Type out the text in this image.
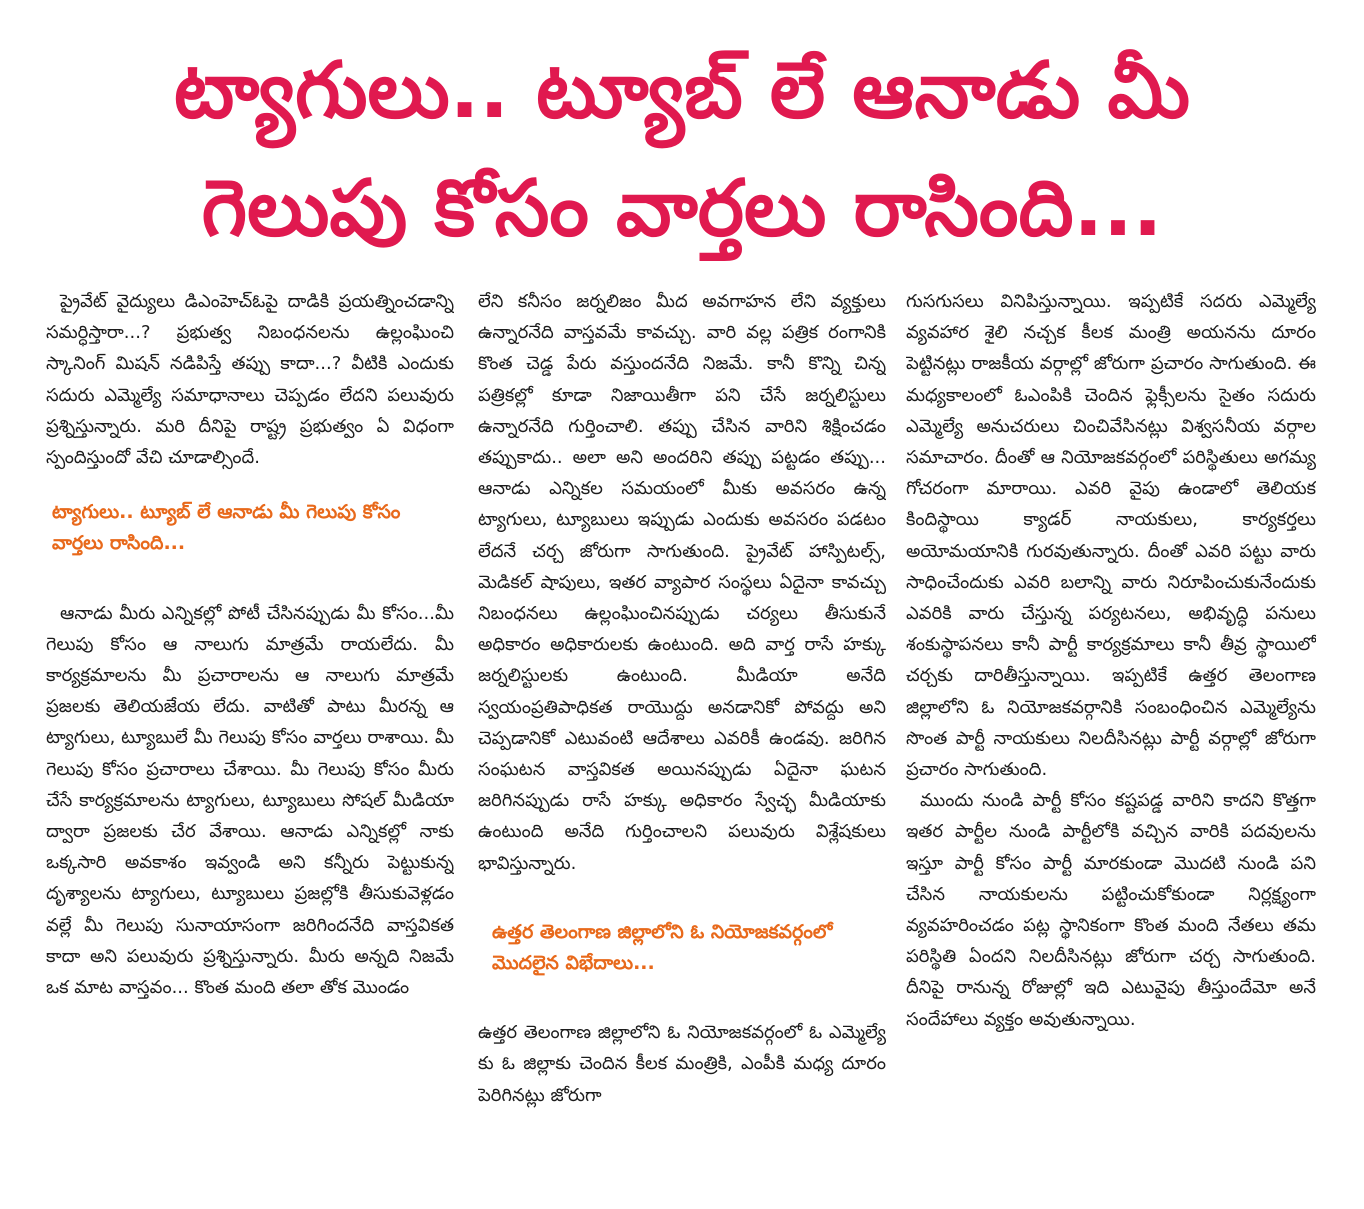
ట్యాగులు.. ట్యూబ్ లే ఆనాడు మీ
గెలుపు కోసం వార్తలు రాసింది...

ప్రైవేట్ వైద్యులు డిఎంహెచ్ఓపై దాడికి ప్రయత్నించడాన్ని సమర్ధిస్తారా...? ప్రభుత్వ నిబంధనలను ఉల్లంఘించి స్కానింగ్ మిషన్ నడిపిస్తే తప్పు కాదా...? వీటికి ఎందుకు సదురు ఎమ్మెల్యే సమాధానాలు చెప్పడం లేదని పలువురు ప్రశ్నిస్తున్నారు. మరి దీనిపై రాష్ట్ర ప్రభుత్వం ఏ విధంగా స్పందిస్తుందో వేచి చూడాల్సిందే.

ట్యాగులు.. ట్యూబ్ లే ఆనాడు మీ గెలుపు కోసం వార్తలు రాసింది...

ఆనాడు మీరు ఎన్నికల్లో పోటీ చేసినప్పుడు మీ కోసం...మీ గెలుపు కోసం ఆ నాలుగు మాత్రమే రాయలేదు. మీ కార్యక్రమాలను మీ ప్రచారాలను ఆ నాలుగు మాత్రమే ప్రజలకు తెలియజేయ లేదు. వాటితో పాటు మీరన్న ఆ ట్యాగులు, ట్యూబులే మీ గెలుపు కోసం వార్తలు రాశాయి. మీ గెలుపు కోసం ప్రచారాలు చేశాయి. మీ గెలుపు కోసం మీరు చేసే కార్యక్రమాలను ట్యాగులు, ట్యూబులు సోషల్ మీడియా ద్వారా ప్రజలకు చేర వేశాయి. ఆనాడు ఎన్నికల్లో నాకు ఒక్కసారి అవకాశం ఇవ్వండి అని కన్నీరు పెట్టుకున్న దృశ్యాలను ట్యాగులు, ట్యూబులు ప్రజల్లోకి తీసుకువెళ్లడం వల్లే మీ గెలుపు సునాయాసంగా జరిగిందనేది వాస్తవికత కాదా అని పలువురు ప్రశ్నిస్తున్నారు. మీరు అన్నది నిజమే ఒక మాట వాస్తవం... కొంత మంది తలా తోక మొండం

లేని కనీసం జర్నలిజం మీద అవగాహన లేని వ్యక్తులు ఉన్నారనేది వాస్తవమే కావచ్చు. వారి వల్ల పత్రిక రంగానికి కొంత చెడ్డ పేరు వస్తుందనేది నిజమే. కానీ కొన్ని చిన్న పత్రికల్లో కూడా నిజాయితీగా పని చేసే జర్నలిస్టులు ఉన్నారనేది గుర్తించాలి. తప్పు చేసిన వారిని శిక్షించడం తప్పుకాదు.. అలా అని అందరిని తప్పు పట్టడం తప్పు... ఆనాడు ఎన్నికల సమయంలో మీకు అవసరం ఉన్న ట్యాగులు, ట్యూబులు ఇప్పుడు ఎందుకు అవసరం పడటం లేదనే చర్చ జోరుగా సాగుతుంది. ప్రైవేట్ హాస్పిటల్స్, మెడికల్ షాపులు, ఇతర వ్యాపార సంస్థలు ఏదైనా కావచ్చు నిబంధనలు ఉల్లంఘించినప్పుడు చర్యలు తీసుకునే అధికారం అధికారులకు ఉంటుంది. అది వార్త రాసే హక్కు జర్నలిస్టులకు ఉంటుంది. మీడియా అనేది స్వయంప్రతిపాధికత రాయొద్దు అనడానికో పోవద్దు అని చెప్పడానికో ఎటువంటి ఆదేశాలు ఎవరికీ ఉండవు. జరిగిన సంఘటన వాస్తవికత అయినప్పుడు ఏదైనా ఘటన జరిగినప్పుడు రాసే హక్కు అధికారం స్వేచ్ఛ మీడియాకు ఉంటుంది అనేది గుర్తించాలని పలువురు విశ్లేషకులు భావిస్తున్నారు.

ఉత్తర తెలంగాణ జిల్లాలోని ఓ నియోజకవర్గంలో మొదలైన విభేదాలు...

ఉత్తర తెలంగాణ జిల్లాలోని ఓ నియోజకవర్గంలో ఓ ఎమ్మెల్యే కు ఓ జిల్లాకు చెందిన కీలక మంత్రికి, ఎంపీకి మధ్య దూరం పెరిగినట్లు జోరుగా

గుసగుసలు వినిపిస్తున్నాయి. ఇప్పటికే సదరు ఎమ్మెల్యే వ్యవహార శైలి నచ్చక కీలక మంత్రి అయనను దూరం పెట్టినట్లు రాజకీయ వర్గాల్లో జోరుగా ప్రచారం సాగుతుంది. ఈ మధ్యకాలంలో ఓఎంపికి చెందిన ఫ్లెక్సీలను సైతం సదురు ఎమ్మెల్యే అనుచరులు చించివేసినట్లు విశ్వసనీయ వర్గాల సమాచారం. దీంతో ఆ నియోజకవర్గంలో పరిస్థితులు అగమ్య గోచరంగా మారాయి. ఎవరి వైపు ఉండాలో తెలియక కిందిస్థాయి క్యాడర్ నాయకులు, కార్యకర్తలు అయోమయానికి గురవుతున్నారు. దీంతో ఎవరి పట్టు వారు సాధించేందుకు ఎవరి బలాన్ని వారు నిరూపించుకునేందుకు ఎవరికి వారు చేస్తున్న పర్యటనలు, అభివృద్ధి పనులు శంకుస్థాపనలు కానీ పార్టీ కార్యక్రమాలు కానీ తీవ్ర స్థాయిలో చర్చకు దారితీస్తున్నాయి. ఇప్పటికే ఉత్తర తెలంగాణ జిల్లాలోని ఓ నియోజకవర్గానికి సంబంధించిన ఎమ్మెల్యేను సొంత పార్టీ నాయకులు నిలదీసినట్లు పార్టీ వర్గాల్లో జోరుగా ప్రచారం సాగుతుంది.

ముందు నుండి పార్టీ కోసం కష్టపడ్డ వారిని కాదని కొత్తగా ఇతర పార్టీల నుండి పార్టీలోకి వచ్చిన వారికి పదవులను ఇస్తూ పార్టీ కోసం పార్టీ మారకుండా మొదటి నుండి పని చేసిన నాయకులను పట్టించుకోకుండా నిర్లక్ష్యంగా వ్యవహరించడం పట్ల స్థానికంగా కొంత మంది నేతలు తమ పరిస్థితి ఏందని నిలదీసినట్లు జోరుగా చర్చ సాగుతుంది. దీనిపై రానున్న రోజుల్లో ఇది ఎటువైపు తీస్తుందేమో అనే సందేహాలు వ్యక్తం అవుతున్నాయి.
